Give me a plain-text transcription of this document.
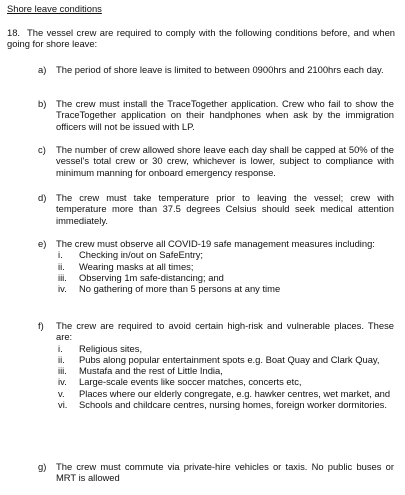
Shore leave conditions
18. The vessel crew are required to comply with the following conditions before, and when going for shore leave:
a) The period of shore leave is limited to between 0900hrs and 2100hrs each day.
b) The crew must install the TraceTogether application. Crew who fail to show the TraceTogether application on their handphones when ask by the immigration officers will not be issued with LP.
c) The number of crew allowed shore leave each day shall be capped at 50% of the vessel's total crew or 30 crew, whichever is lower, subject to compliance with minimum manning for onboard emergency response.
d) The crew must take temperature prior to leaving the vessel; crew with temperature more than 37.5 degrees Celsius should seek medical attention immediately.
e) The crew must observe all COVID-19 safe management measures including:
i. Checking in/out on SafeEntry;
ii. Wearing masks at all times;
iii. Observing 1m safe-distancing; and
iv. No gathering of more than 5 persons at any time
f) The crew are required to avoid certain high-risk and vulnerable places. These are:
i. Religious sites,
ii. Pubs along popular entertainment spots e.g. Boat Quay and Clark Quay,
iii. Mustafa and the rest of Little India,
iv. Large-scale events like soccer matches, concerts etc,
v. Places where our elderly congregate, e.g. hawker centres, wet market, and
vi. Schools and childcare centres, nursing homes, foreign worker dormitories.
g) The crew must commute via private-hire vehicles or taxis. No public buses or MRT is allowed
